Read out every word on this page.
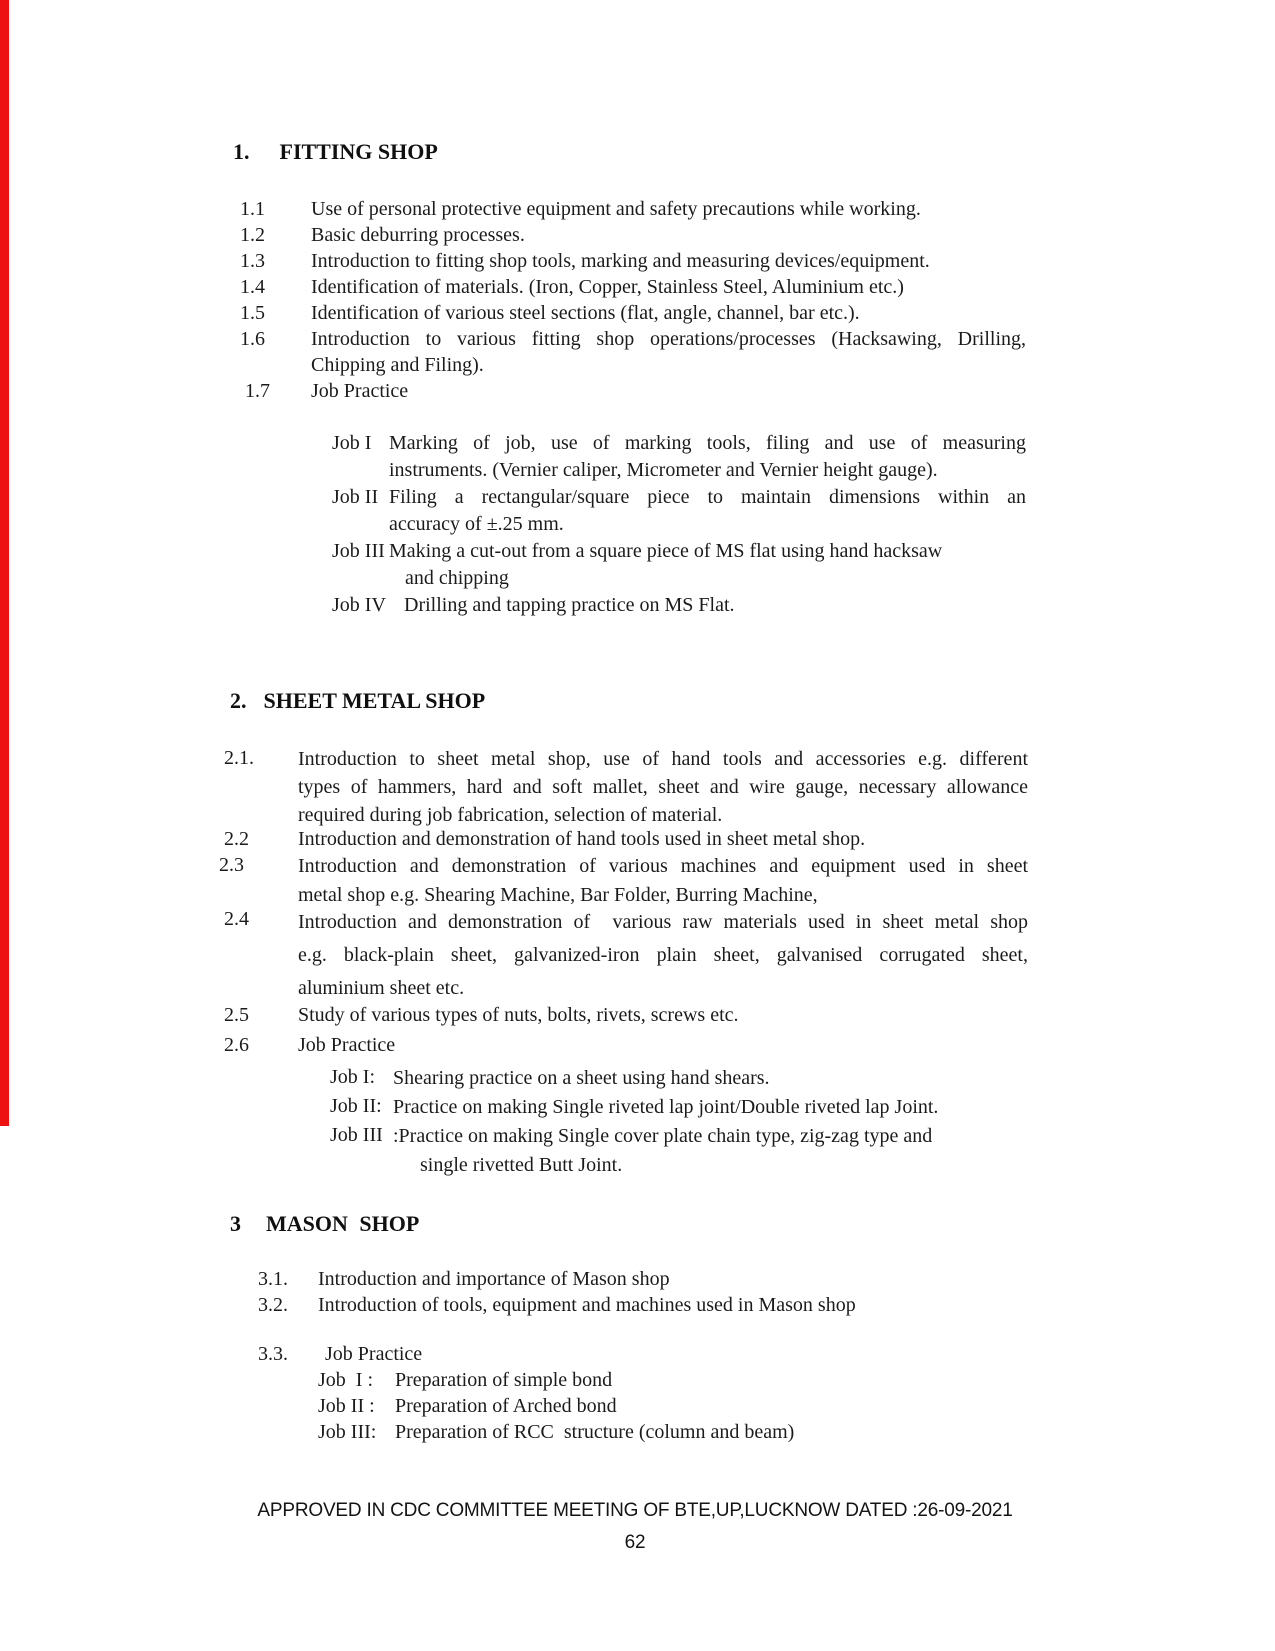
APPROVED IN CDC COMMITTEE MEETING OF BTE,UP,LUCKNOW DATED :26-09-2021
62
1. FITTING SHOP
1.1 Use of personal protective equipment and safety precautions while working.
1.2 Basic deburring processes.
1.3 Introduction to fitting shop tools, marking and measuring devices/equipment.
1.4 Identification of materials. (Iron, Copper, Stainless Steel, Aluminium etc.)
1.5 Identification of various steel sections (flat, angle, channel, bar etc.).
1.6 Introduction to various fitting shop operations/processes (Hacksawing, Drilling,
Chipping and Filing).
1.7 Job Practice
Job I Marking of job, use of marking tools, filing and use of measuring
instruments. (Vernier caliper, Micrometer and Vernier height gauge).
Job II Filing a rectangular/square piece to maintain dimensions within an
accuracy of ±.25 mm.
Job III Making a cut-out from a square piece of MS flat using hand hacksaw
and chipping
Job IV Drilling and tapping practice on MS Flat.
2. SHEET METAL SHOP
2.1. Introduction to sheet metal shop, use of hand tools and accessories e.g. different
types of hammers, hard and soft mallet, sheet and wire gauge, necessary allowance
required during job fabrication, selection of material.
2.2 Introduction and demonstration of hand tools used in sheet metal shop.
2.3	Introduction and demonstration of various machines and equipment used in sheet
metal shop e.g. Shearing Machine, Bar Folder, Burring Machine,
2.4 Introduction and demonstration of  various raw materials used in sheet metal shop
e.g. black-plain sheet, galvanized-iron plain sheet, galvanised corrugated sheet,
aluminium sheet etc.
2.5 Study of various types of nuts, bolts, rivets, screws etc.
2.6 Job Practice
Job I: Shearing practice on a sheet using hand shears.
Job II: Practice on making Single riveted lap joint/Double riveted lap Joint.
Job III :Practice on making Single cover plate chain type, zig-zag type and
single rivetted Butt Joint.
3 MASON SHOP
3.1. Introduction and importance of Mason shop
3.2. Introduction of tools, equipment and machines used in Mason shop
3.3.	Job Practice
Job  I : Preparation of simple bond
Job II : Preparation of Arched bond
Job III: Preparation of RCC  structure (column and beam)
